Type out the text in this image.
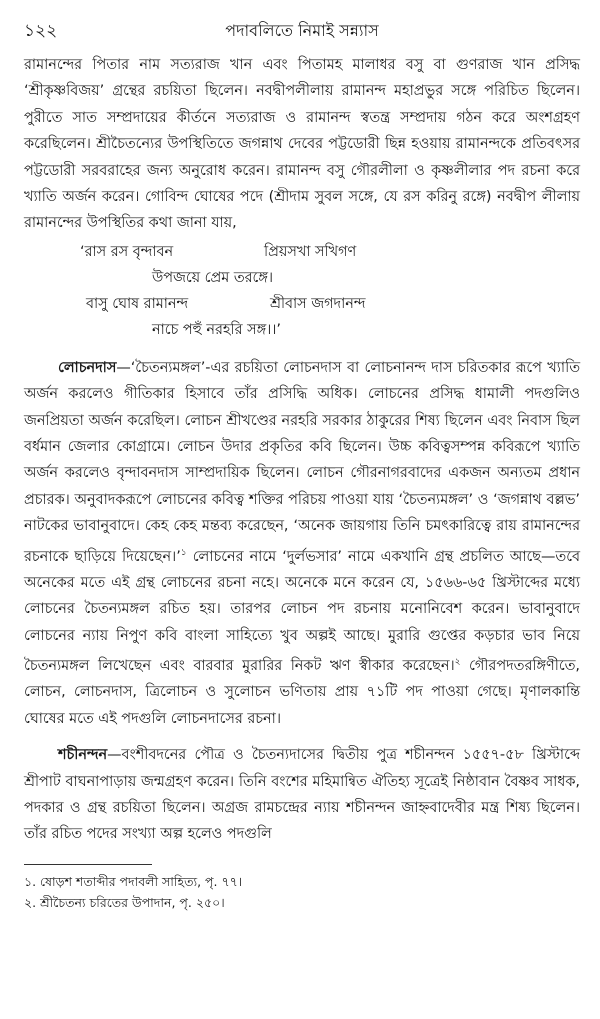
১২২	পদাবলিতে নিমাই সন্ন্যাস

রামানন্দের পিতার নাম সত্যরাজ খান এবং পিতামহ মালাধর বসু বা গুণরাজ খান প্রসিদ্ধ ‘শ্রীকৃষ্ণবিজয়’ গ্রন্থের রচয়িতা ছিলেন। নবদ্বীপলীলায় রামানন্দ মহাপ্রভুর সঙ্গে পরিচিত ছিলেন। পুরীতে সাত সম্প্রদায়ের কীর্তনে সত্যরাজ ও রামানন্দ স্বতন্ত্র সম্প্রদায় গঠন করে অংশগ্রহণ করেছিলেন। শ্রীচৈতন্যের উপস্থিতিতে জগন্নাথ দেবের পট্টডোরী ছিন্ন হওয়ায় রামানন্দকে প্রতিবৎসর পট্টডোরী সরবরাহের জন্য অনুরোধ করেন। রামানন্দ বসু গৌরলীলা ও কৃষ্ণলীলার পদ রচনা করে খ্যাতি অর্জন করেন। গোবিন্দ ঘোষের পদে (শ্রীদাম সুবল সঙ্গে, যে রস করিনু রঙ্গে) নবদ্বীপ লীলায় রামানন্দের উপস্থিতির কথা জানা যায়,

‘রাস রস বৃন্দাবন	প্রিয়সখা সখিগণ
উপজয়ে প্রেম তরঙ্গে।
বাসু ঘোষ রামানন্দ	শ্রীবাস জগদানন্দ
নাচে পহুঁ নরহরি সঙ্গ।।’

লোচনদাস—‘চৈতন্যমঙ্গল’-এর রচয়িতা লোচনদাস বা লোচনানন্দ দাস চরিতকার রূপে খ্যাতি অর্জন করলেও গীতিকার হিসাবে তাঁর প্রসিদ্ধি অধিক। লোচনের প্রসিদ্ধ ধামালী পদগুলিও জনপ্রিয়তা অর্জন করেছিল। লোচন শ্রীখণ্ডের নরহরি সরকার ঠাকুরের শিষ্য ছিলেন এবং নিবাস ছিল বর্ধমান জেলার কোগ্রামে। লোচন উদার প্রকৃতির কবি ছিলেন। উচ্চ কবিত্বসম্পন্ন কবিরূপে খ্যাতি অর্জন করলেও বৃন্দাবনদাস সাম্প্রদায়িক ছিলেন। লোচন গৌরনাগরবাদের একজন অন্যতম প্রধান প্রচারক। অনুবাদকরূপে লোচনের কবিত্ব শক্তির পরিচয় পাওয়া যায় ‘চৈতন্যমঙ্গল’ ও ‘জগন্নাথ বল্লভ’ নাটকের ভাবানুবাদে। কেহ কেহ মন্তব্য করেছেন, ‘অনেক জায়গায় তিনি চমৎকারিত্বে রায় রামানন্দের রচনাকে ছাড়িয়ে দিয়েছেন।’$^১$ লোচনের নামে ‘দুর্লভসার’ নামে একখানি গ্রন্থ প্রচলিত আছে—তবে অনেকের মতে এই গ্রন্থ লোচনের রচনা নহে। অনেকে মনে করেন যে, ১৫৬৬-৬৫ খ্রিস্টাব্দের মধ্যে লোচনের চৈতন্যমঙ্গল রচিত হয়। তারপর লোচন পদ রচনায় মনোনিবেশ করেন। ভাবানুবাদে লোচনের ন্যায় নিপুণ কবি বাংলা সাহিত্যে খুব অল্পই আছে। মুরারি গুপ্তের কড়চার ভাব নিয়ে চৈতন্যমঙ্গল লিখেছেন এবং বারবার মুরারির নিকট ঋণ স্বীকার করেছেন।$^২$ গৌরপদতরঙ্গিণীতে, লোচন, লোচনদাস, ত্রিলোচন ও সুলোচন ভণিতায় প্রায় ৭১টি পদ পাওয়া গেছে। মৃণালকান্তি ঘোষের মতে এই পদগুলি লোচনদাসের রচনা।

শচীনন্দন—বংশীবদনের পৌত্র ও চৈতন্যদাসের দ্বিতীয় পুত্র শচীনন্দন ১৫৫৭-৫৮ খ্রিস্টাব্দে শ্রীপাট বাঘনাপাড়ায় জন্মগ্রহণ করেন। তিনি বংশের মহিমান্বিত ঐতিহ্য সূত্রেই নিষ্ঠাবান বৈষ্ণব সাধক, পদকার ও গ্রন্থ রচয়িতা ছিলেন। অগ্রজ রামচন্দ্রের ন্যায় শচীনন্দন জাহ্নবাদেবীর মন্ত্র শিষ্য ছিলেন। তাঁর রচিত পদের সংখ্যা অল্প হলেও পদগুলি

১. ষোড়শ শতাব্দীর পদাবলী সাহিত্য, পৃ. ৭৭।

২. শ্রীচৈতন্য চরিতের উপাদান, পৃ. ২৫০।
